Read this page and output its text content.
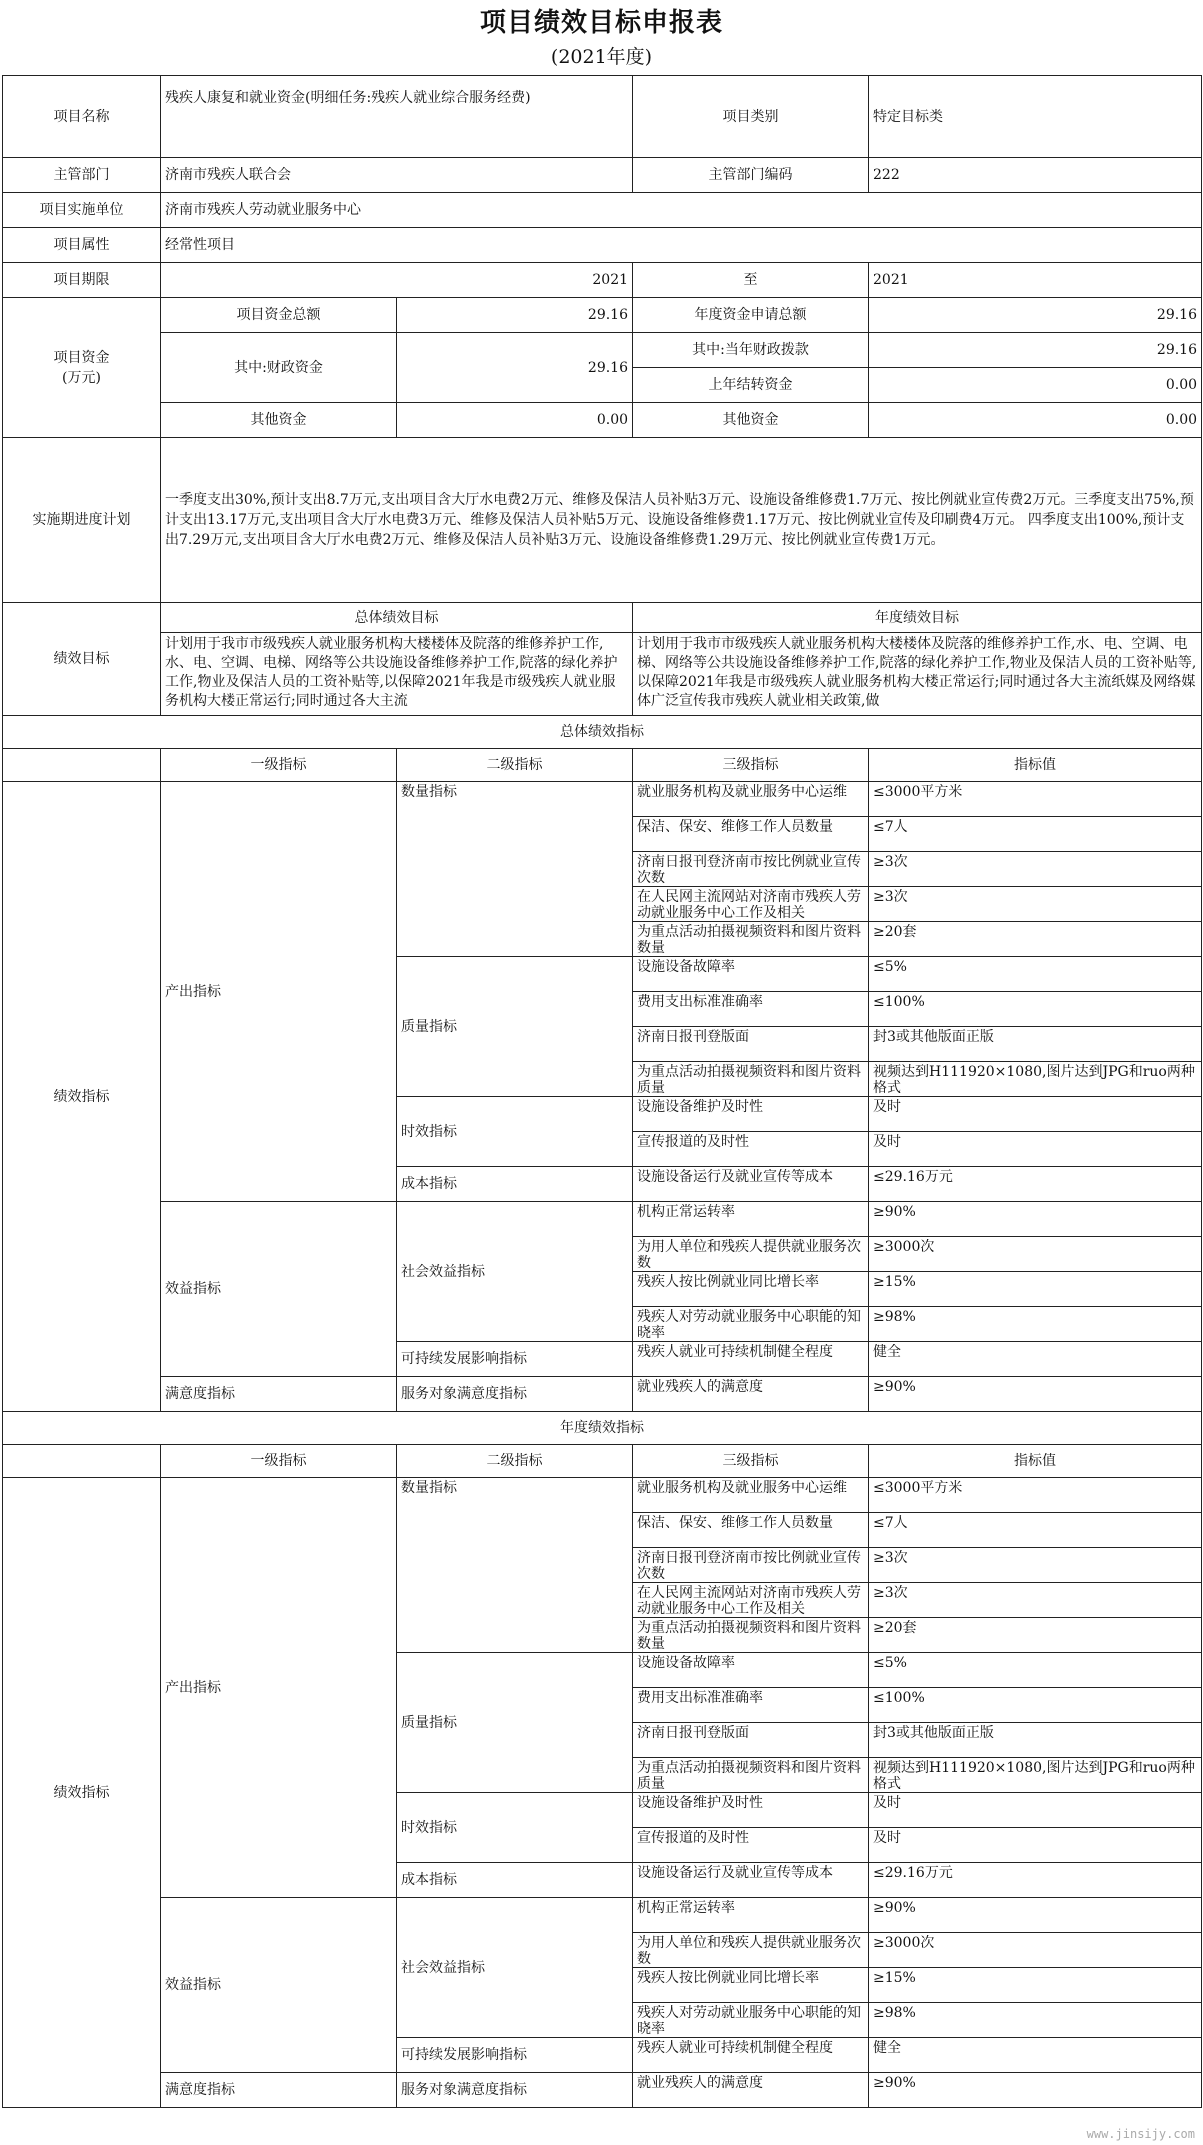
项目绩效目标申报表
(2021年度)
项目名称	残疾人康复和就业资金(明细任务:残疾人就业综合服务经费)		项目类别	特定目标类
主管部门	济南市残疾人联合会		主管部门编码	222
项目实施单位	济南市残疾人劳动就业服务中心			
项目属性	经常性项目			
项目期限	2021		至	2021
项目资金
(万元)	项目资金总额	29.16	年度资金申请总额	29.16
	其中:财政资金	29.16	其中:当年财政拨款	29.16
			上年结转资金	0.00
	其他资金	0.00	其他资金	0.00
实施期进度计划	一季度支出30%,预计支出8.7万元,支出项目含大厅水电费2万元、维修及保洁人员补贴3万元、设施设备维修费1.7万元、按比例就业宣传费2万元。三季度支出75%,预计支出13.17万元,支出项目含大厅水电费3万元、维修及保洁人员补贴5万元、设施设备维修费1.17万元、按比例就业宣传及印刷费4万元。 四季度支出100%,预计支出7.29万元,支出项目含大厅水电费2万元、维修及保洁人员补贴3万元、设施设备维修费1.29万元、按比例就业宣传费1万元。			
绩效目标	总体绩效目标		年度绩效目标	

	计划用于我市市级残疾人就业服务机构大楼楼体及院落的维修养护工作,水、电、空调、电梯、网络等公共设施设备维修养护工作,院落的绿化养护工作,物业及保洁人员的工资补贴等,以保障2021年我是市级残疾人就业服务机构大楼正常运行;同时通过各大主流		计划用于我市市级残疾人就业服务机构大楼楼体及院落的维修养护工作,水、电、空调、电梯、网络等公共设施设备维修养护工作,院落的绿化养护工作,物业及保洁人员的工资补贴等,以保障2021年我是市级残疾人就业服务机构大楼正常运行;同时通过各大主流纸媒及网络媒体广泛宣传我市残疾人就业相关政策,做	

总体绩效指标				
	一级指标	二级指标	三级指标	指标值
绩效指标	产出指标	数量指标	就业服务机构及就业服务中心运维	≤3000平方米

			保洁、保安、维修工作人员数量	≤7人

			济南日报刊登济南市按比例就业宣传次数	≥3次

			在人民网主流网站对济南市残疾人劳动就业服务中心工作及相关	≥3次

			为重点活动拍摄视频资料和图片资料数量	≥20套

		质量指标	设施设备故障率	≤5%

			费用支出标准准确率	≤100%

			济南日报刊登版面	封3或其他版面正版

			为重点活动拍摄视频资料和图片资料质量	视频达到H111920×1080,图片达到JPG和ruo两种格式

		时效指标	设施设备维护及时性	及时

			宣传报道的及时性	及时

		成本指标	设施设备运行及就业宣传等成本	≤29.16万元

	效益指标	社会效益指标	机构正常运转率	≥90%

			为用人单位和残疾人提供就业服务次数	≥3000次

			残疾人按比例就业同比增长率	≥15%

			残疾人对劳动就业服务中心职能的知晓率	≥98%

		可持续发展影响指标	残疾人就业可持续机制健全程度	健全

	满意度指标	服务对象满意度指标	就业残疾人的满意度	≥90%

年度绩效指标				
	一级指标	二级指标	三级指标	指标值
绩效指标	产出指标	数量指标	就业服务机构及就业服务中心运维	≤3000平方米

			保洁、保安、维修工作人员数量	≤7人

			济南日报刊登济南市按比例就业宣传次数	≥3次

			在人民网主流网站对济南市残疾人劳动就业服务中心工作及相关	≥3次

			为重点活动拍摄视频资料和图片资料数量	≥20套

		质量指标	设施设备故障率	≤5%

			费用支出标准准确率	≤100%

			济南日报刊登版面	封3或其他版面正版

			为重点活动拍摄视频资料和图片资料质量	视频达到H111920×1080,图片达到JPG和ruo两种格式

		时效指标	设施设备维护及时性	及时

			宣传报道的及时性	及时

		成本指标	设施设备运行及就业宣传等成本	≤29.16万元

	效益指标	社会效益指标	机构正常运转率	≥90%

			为用人单位和残疾人提供就业服务次数	≥3000次

			残疾人按比例就业同比增长率	≥15%

			残疾人对劳动就业服务中心职能的知晓率	≥98%

		可持续发展影响指标	残疾人就业可持续机制健全程度	健全

	满意度指标	服务对象满意度指标	就业残疾人的满意度	≥90%
www.jinsijy.com
